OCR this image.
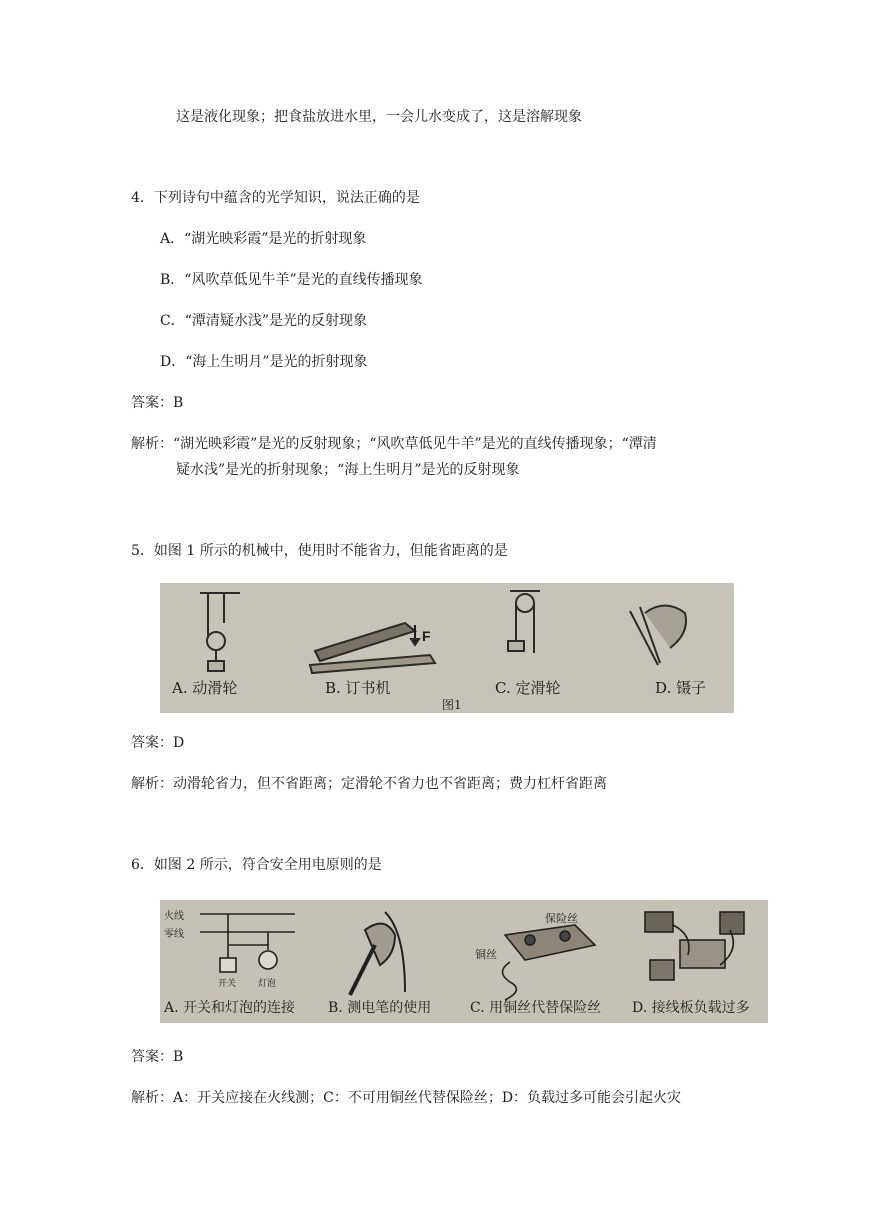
这是液化现象；把食盐放进水里，一会儿水变成了，这是溶解现象
4．下列诗句中蕴含的光学知识，说法正确的是
A．“湖光映彩霞”是光的折射现象
B．“风吹草低见牛羊”是光的直线传播现象
C．“潭清疑水浅”是光的反射现象
D．“海上生明月”是光的折射现象
答案：B
解析：“湖光映彩霞”是光的反射现象；“风吹草低见牛羊”是光的直线传播现象；“潭清
疑水浅”是光的折射现象；“海上生明月”是光的反射现象
5．如图 1 所示的机械中，使用时不能省力，但能省距离的是
A. 动滑轮
F
B. 订书机
图1
C. 定滑轮	D. 镊子
答案：D
解析：动滑轮省力，但不省距离；定滑轮不省力也不省距离；费力杠杆省距离
6．如图 2 所示，符合安全用电原则的是
火线
零线
开关 灯泡
A. 开关和灯泡的连接 B. 测电笔的使用
保险丝
铜丝
C. 用铜丝代替保险丝 D. 接线板负载过多
答案：B
解析：A：开关应接在火线测；C：不可用铜丝代替保险丝；D：负载过多可能会引起火灾
